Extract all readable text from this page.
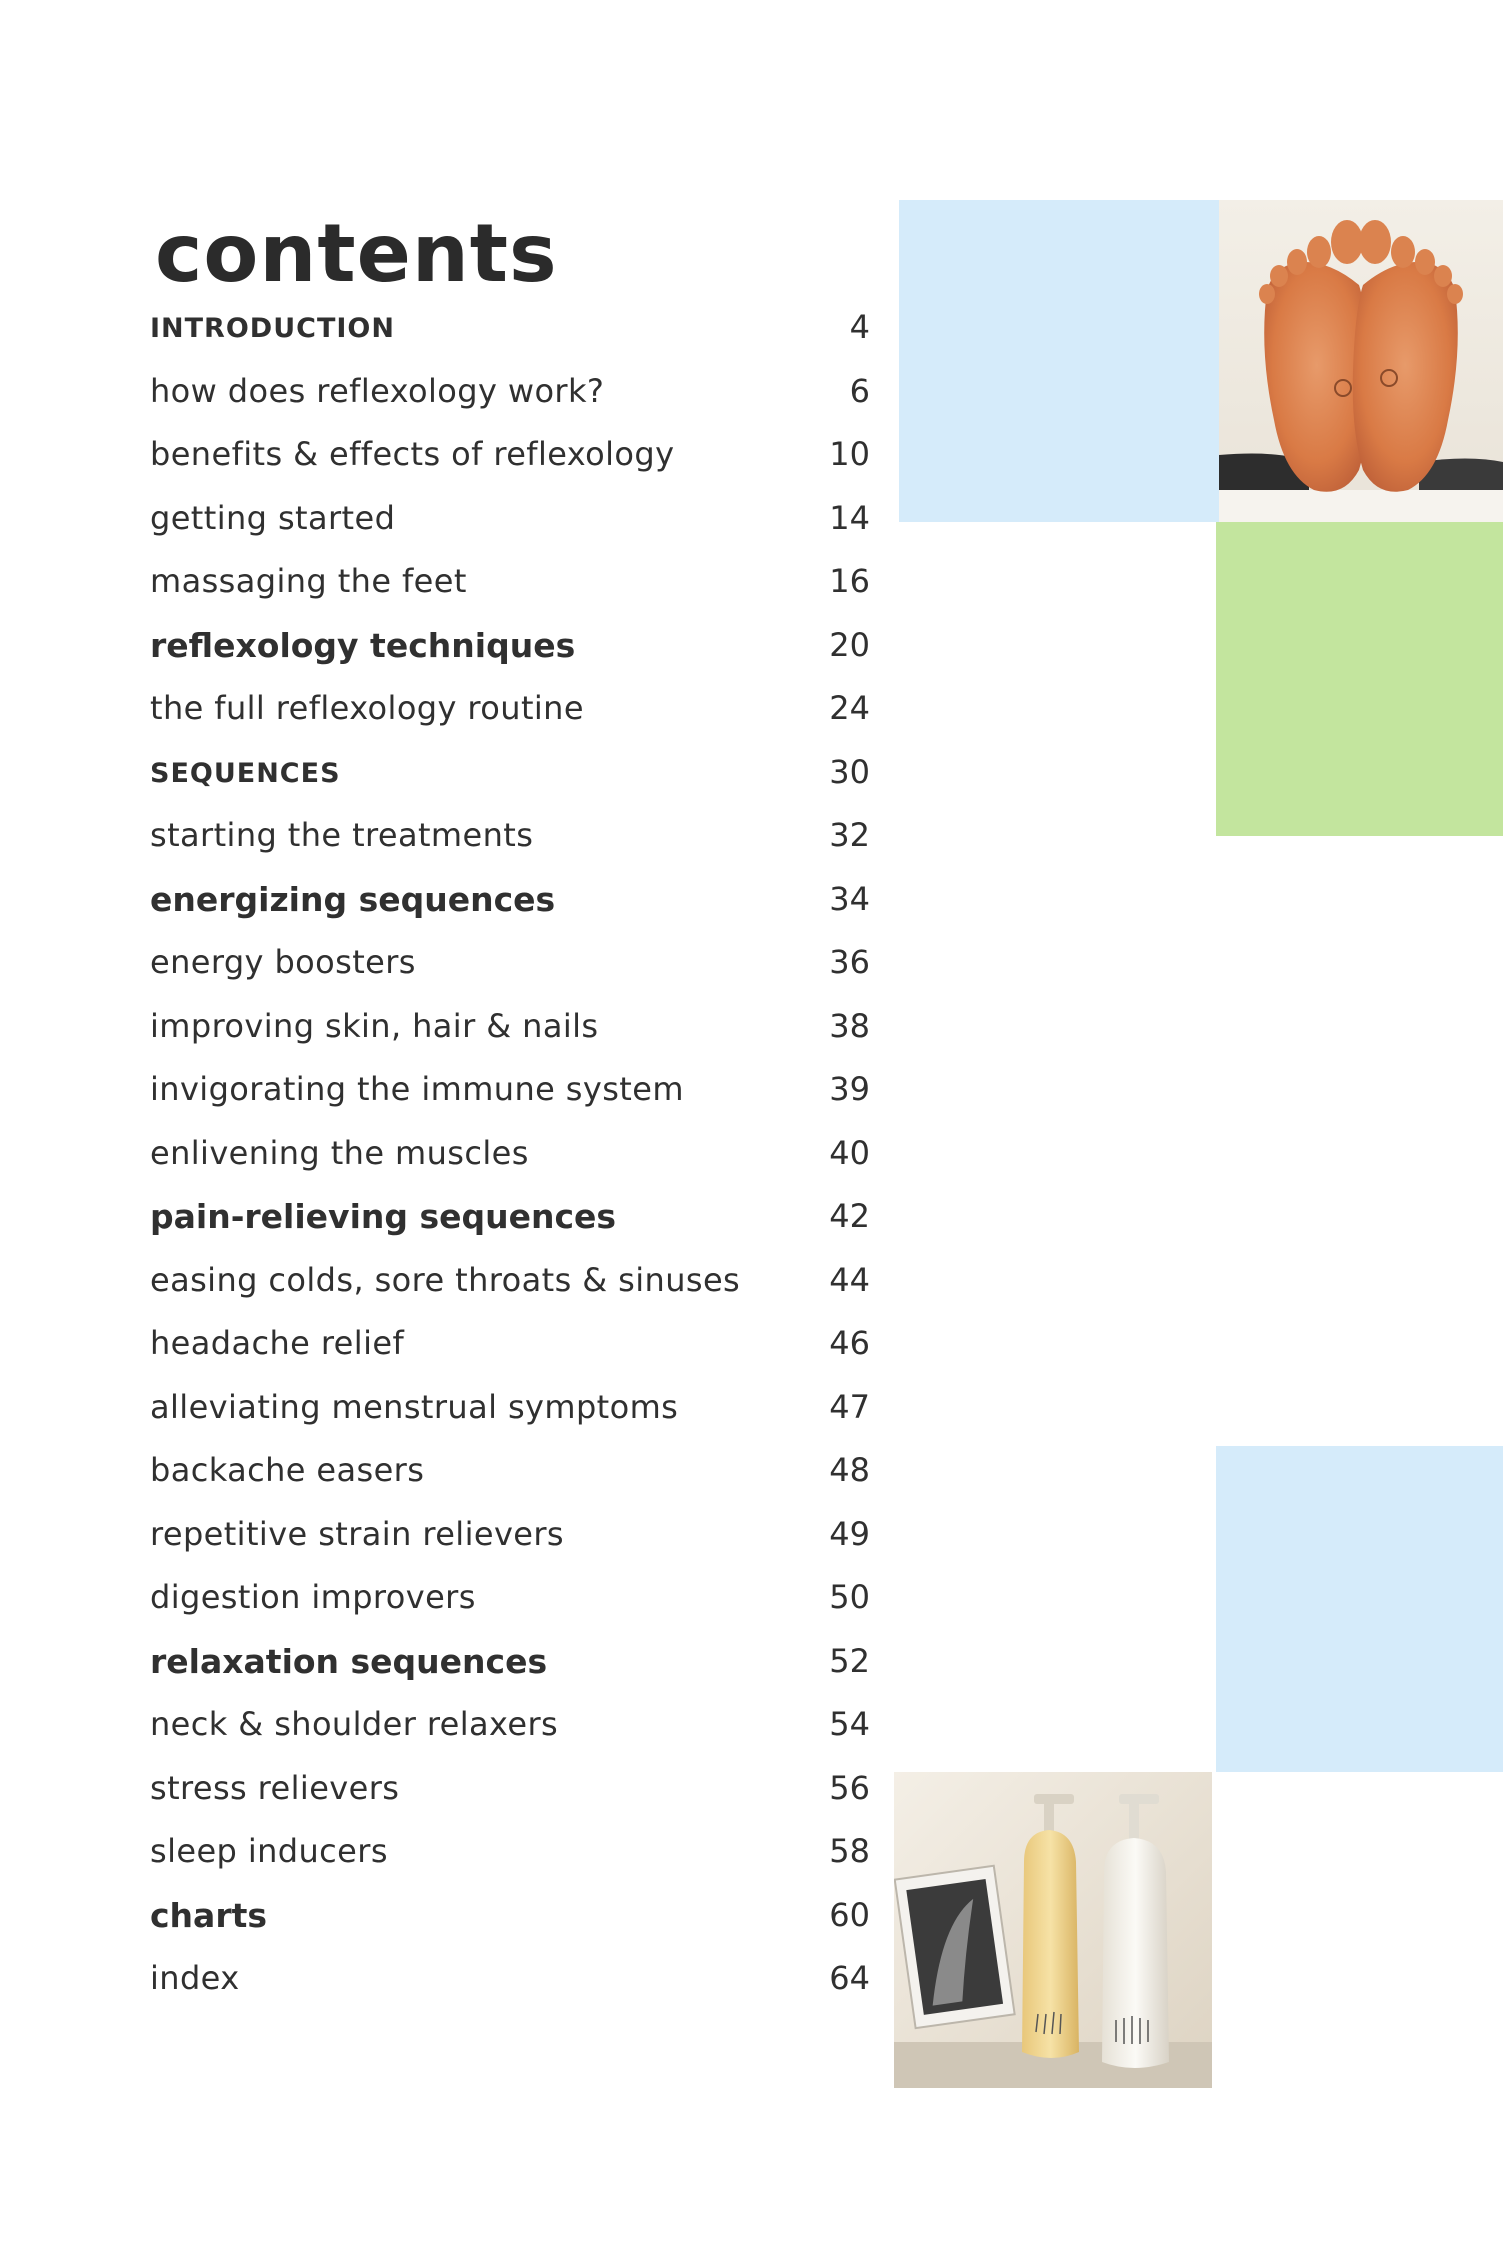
contents
INTRODUCTION	4
how does reflexology work?	6
benefits & effects of reflexology	10
getting started	14
massaging the feet	16
reflexology techniques	20
the full reflexology routine	24
SEQUENCES	30
starting the treatments	32
energizing sequences	34
energy boosters	36
improving skin, hair & nails	38
invigorating the immune system	39
enlivening the muscles	40
pain-relieving sequences	42
easing colds, sore throats & sinuses	44
headache relief	46
alleviating menstrual symptoms	47
backache easers	48
repetitive strain relievers	49
digestion improvers	50
relaxation sequences	52
neck & shoulder relaxers	54
stress relievers	56
sleep inducers	58
charts	60
index	64
